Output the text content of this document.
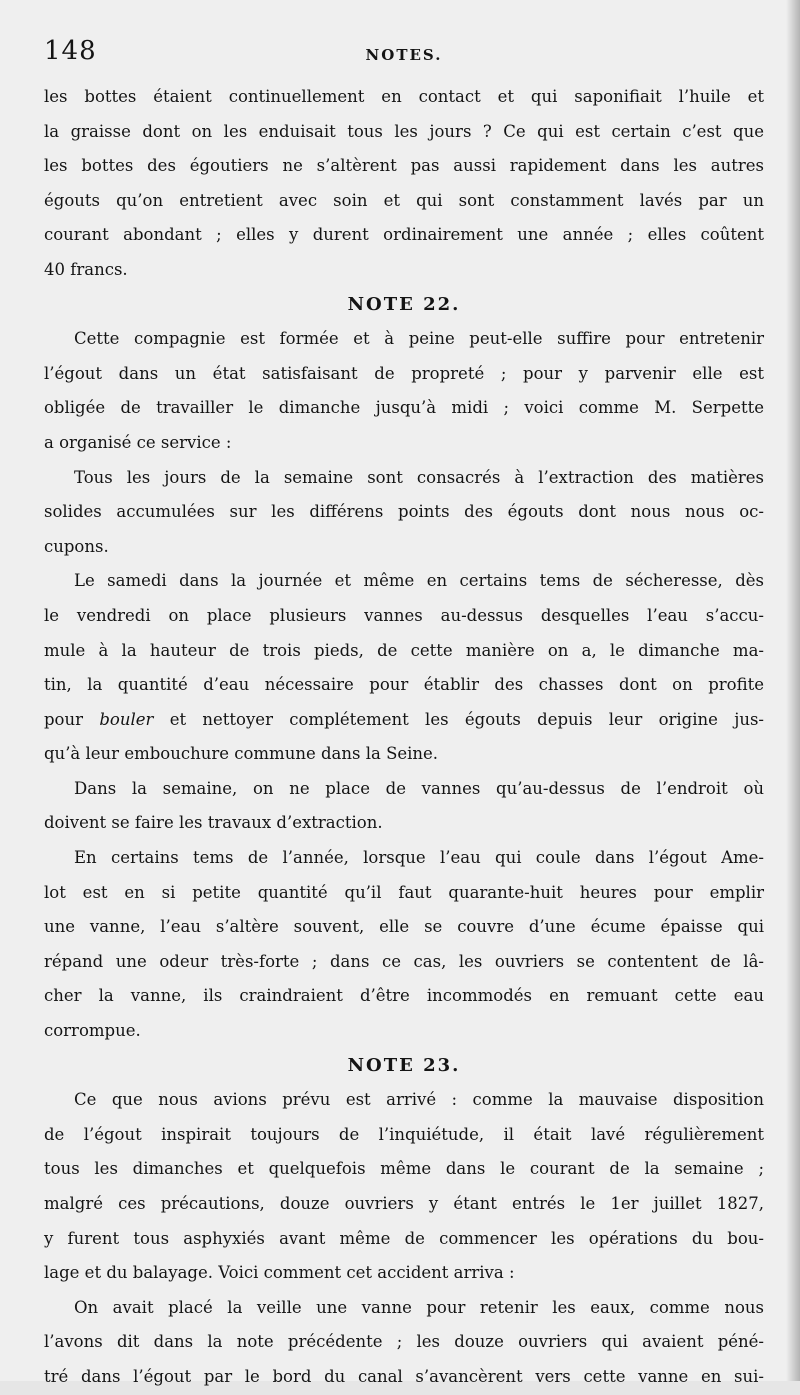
148	NOTES.
les bottes étaient continuellement en contact et qui saponifiait l’huile et
la graisse dont on les enduisait tous les jours ? Ce qui est certain c’est que
les bottes des égoutiers ne s’altèrent pas aussi rapidement dans les autres
égouts qu’on entretient avec soin et qui sont constamment lavés par un
courant abondant ; elles y durent ordinairement une année ; elles coûtent
40 francs.
NOTE 22.
Cette compagnie est formée et à peine peut-elle suffire pour entretenir
l’égout dans un état satisfaisant de propreté ; pour y parvenir elle est
obligée de travailler le dimanche jusqu’à midi ; voici comme M. Serpette
a organisé ce service :
Tous les jours de la semaine sont consacrés à l’extraction des matières
solides accumulées sur les différens points des égouts dont nous nous oc-
cupons.
Le samedi dans la journée et même en certains tems de sécheresse, dès
le vendredi on place plusieurs vannes au-dessus desquelles l’eau s’accu-
mule à la hauteur de trois pieds, de cette manière on a, le dimanche ma-
tin, la quantité d’eau nécessaire pour établir des chasses dont on profite
pour bouler et nettoyer complétement les égouts depuis leur origine jus-
qu’à leur embouchure commune dans la Seine.
Dans la semaine, on ne place de vannes qu’au-dessus de l’endroit où
doivent se faire les travaux d’extraction.
En certains tems de l’année, lorsque l’eau qui coule dans l’égout Ame-
lot est en si petite quantité qu’il faut quarante-huit heures pour emplir
une vanne, l’eau s’altère souvent, elle se couvre d’une écume épaisse qui
répand une odeur très-forte ; dans ce cas, les ouvriers se contentent de lâ-
cher la vanne, ils craindraient d’être incommodés en remuant cette eau
corrompue.
NOTE 23.
Ce que nous avions prévu est arrivé : comme la mauvaise disposition
de l’égout inspirait toujours de l’inquiétude, il était lavé régulièrement
tous les dimanches et quelquefois même dans le courant de la semaine ;
malgré ces précautions, douze ouvriers y étant entrés le 1er juillet 1827,
y furent tous asphyxiés avant même de commencer les opérations du bou-
lage et du balayage. Voici comment cet accident arriva :
On avait placé la veille une vanne pour retenir les eaux, comme nous
l’avons dit dans la note précédente ; les douze ouvriers qui avaient péné-
tré dans l’égout par le bord du canal s’avancèrent vers cette vanne en sui-
